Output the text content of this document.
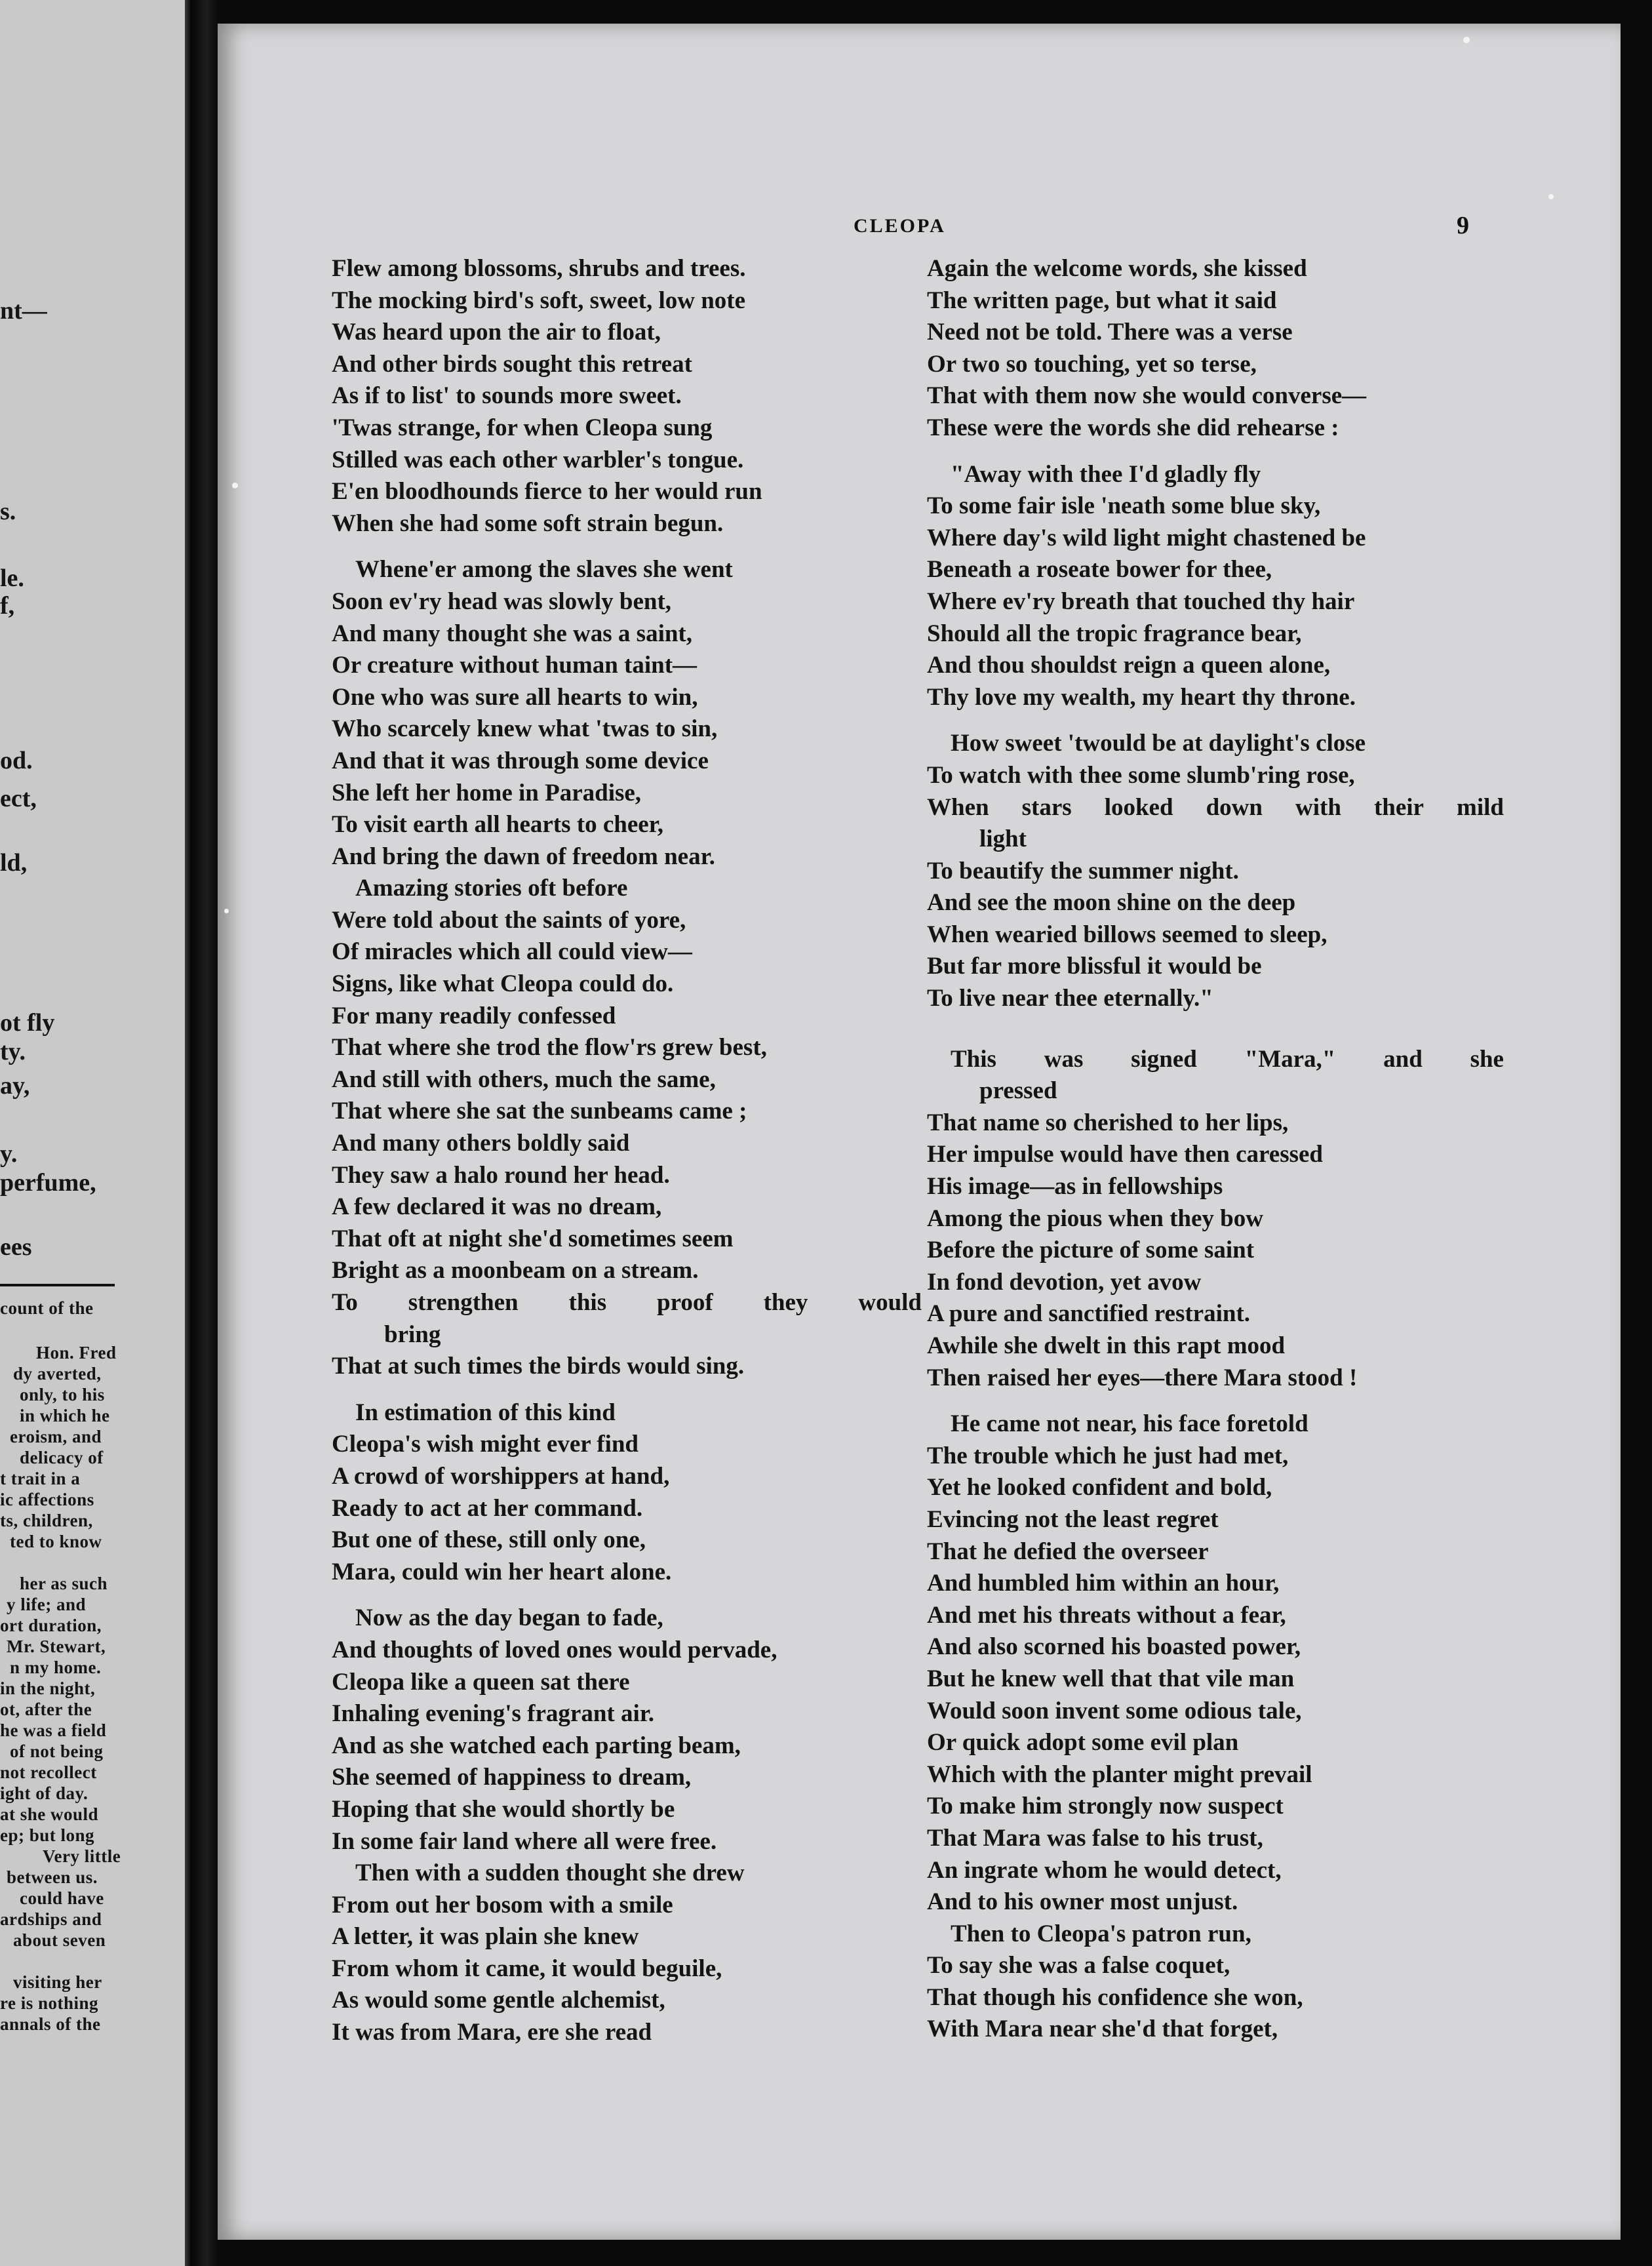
nt—
s.
le.
f,
od.
ect,
ld,
ot fly
ty.
ay,
y.
perfume,
ees
count of the
Hon. Fred
dy averted,
only, to his
in which he
eroism, and
delicacy of
t trait in a
ic affections
ts, children,
ted to know
her as such
y life; and
ort duration,
Mr. Stewart,
n my home.
in the night,
ot, after the
he was a field
of not being
not recollect
ight of day.
at she would
ep; but long
Very little
between us.
could have
ardships and
about seven
visiting her
re is nothing
annals of the
CLEOPA	9
Flew among blossoms, shrubs and trees.
The mocking bird's soft, sweet, low note
Was heard upon the air to float,
And other birds sought this retreat
As if to list' to sounds more sweet.
'Twas strange, for when Cleopa sung
Stilled was each other warbler's tongue.
E'en bloodhounds fierce to her would run
When she had some soft strain begun.
Whene'er among the slaves she went
Soon ev'ry head was slowly bent,
And many thought she was a saint,
Or creature without human taint—
One who was sure all hearts to win,
Who scarcely knew what 'twas to sin,
And that it was through some device
She left her home in Paradise,
To visit earth all hearts to cheer,
And bring the dawn of freedom near.
Amazing stories oft before
Were told about the saints of yore,
Of miracles which all could view—
Signs, like what Cleopa could do.
For many readily confessed
That where she trod the flow'rs grew best,
And still with others, much the same,
That where she sat the sunbeams came ;
And many others boldly said
They saw a halo round her head.
A few declared it was no dream,
That oft at night she'd sometimes seem
Bright as a moonbeam on a stream.
To strengthen this proof they would
bring
That at such times the birds would sing.
In estimation of this kind
Cleopa's wish might ever find
A crowd of worshippers at hand,
Ready to act at her command.
But one of these, still only one,
Mara, could win her heart alone.
Now as the day began to fade,
And thoughts of loved ones would pervade,
Cleopa like a queen sat there
Inhaling evening's fragrant air.
And as she watched each parting beam,
She seemed of happiness to dream,
Hoping that she would shortly be
In some fair land where all were free.
Then with a sudden thought she drew
From out her bosom with a smile
A letter, it was plain she knew
From whom it came, it would beguile,
As would some gentle alchemist,
It was from Mara, ere she read
Again the welcome words, she kissed
The written page, but what it said
Need not be told. There was a verse
Or two so touching, yet so terse,
That with them now she would converse—
These were the words she did rehearse :
"Away with thee I'd gladly fly
To some fair isle 'neath some blue sky,
Where day's wild light might chastened be
Beneath a roseate bower for thee,
Where ev'ry breath that touched thy hair
Should all the tropic fragrance bear,
And thou shouldst reign a queen alone,
Thy love my wealth, my heart thy throne.
How sweet 'twould be at daylight's close
To watch with thee some slumb'ring rose,
When stars looked down with their mild
light
To beautify the summer night.
And see the moon shine on the deep
When wearied billows seemed to sleep,
But far more blissful it would be
To live near thee eternally."
This was signed "Mara," and she
pressed
That name so cherished to her lips,
Her impulse would have then caressed
His image—as in fellowships
Among the pious when they bow
Before the picture of some saint
In fond devotion, yet avow
A pure and sanctified restraint.
Awhile she dwelt in this rapt mood
Then raised her eyes—there Mara stood !
He came not near, his face foretold
The trouble which he just had met,
Yet he looked confident and bold,
Evincing not the least regret
That he defied the overseer
And humbled him within an hour,
And met his threats without a fear,
And also scorned his boasted power,
But he knew well that that vile man
Would soon invent some odious tale,
Or quick adopt some evil plan
Which with the planter might prevail
To make him strongly now suspect
That Mara was false to his trust,
An ingrate whom he would detect,
And to his owner most unjust.
Then to Cleopa's patron run,
To say she was a false coquet,
That though his confidence she won,
With Mara near she'd that forget,
